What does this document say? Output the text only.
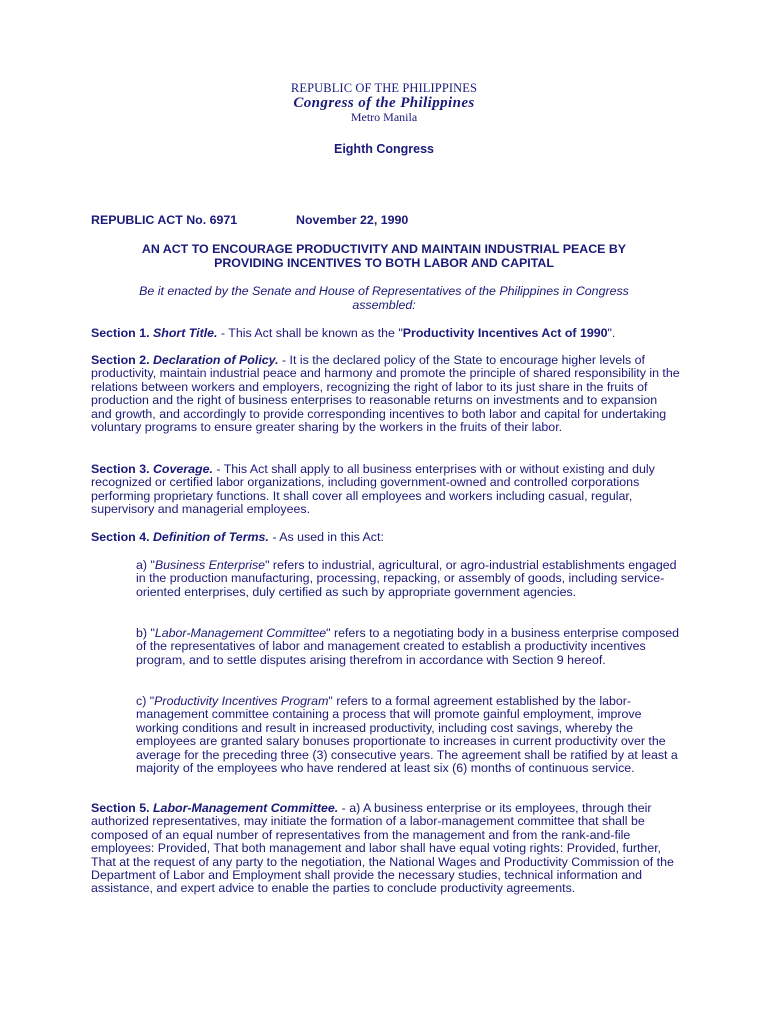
REPUBLIC OF THE PHILIPPINES
Congress of the Philippines
Metro Manila
Eighth Congress
REPUBLIC ACT No. 6971	November 22, 1990
AN ACT TO ENCOURAGE PRODUCTIVITY AND MAINTAIN INDUSTRIAL PEACE BY
PROVIDING INCENTIVES TO BOTH LABOR AND CAPITAL
Be it enacted by the Senate and House of Representatives of the Philippines in Congress
assembled:

Section 1. Short Title. - This Act shall be known as the "Productivity Incentives Act of 1990".

Section 2. Declaration of Policy. - It is the declared policy of the State to encourage higher levels of productivity, maintain industrial peace and harmony and promote the principle of shared responsibility in the relations between workers and employers, recognizing the right of labor to its just share in the fruits of production and the right of business enterprises to reasonable returns on investments and to expansion and growth, and accordingly to provide corresponding incentives to both labor and capital for undertaking voluntary programs to ensure greater sharing by the workers in the fruits of their labor.

Section 3. Coverage. - This Act shall apply to all business enterprises with or without existing and duly recognized or certified labor organizations, including government-owned and controlled corporations performing proprietary functions. It shall cover all employees and workers including casual, regular, supervisory and managerial employees.

Section 4. Definition of Terms. - As used in this Act:

a) "Business Enterprise" refers to industrial, agricultural, or agro-industrial establishments engaged in the production manufacturing, processing, repacking, or assembly of goods, including service-oriented enterprises, duly certified as such by appropriate government agencies.

b) "Labor-Management Committee" refers to a negotiating body in a business enterprise composed of the representatives of labor and management created to establish a productivity incentives program, and to settle disputes arising therefrom in accordance with Section 9 hereof.

c) "Productivity Incentives Program" refers to a formal agreement established by the labor-management committee containing a process that will promote gainful employment, improve working conditions and result in increased productivity, including cost savings, whereby the employees are granted salary bonuses proportionate to increases in current productivity over the average for the preceding three (3) consecutive years. The agreement shall be ratified by at least a majority of the employees who have rendered at least six (6) months of continuous service.

Section 5. Labor-Management Committee. - a) A business enterprise or its employees, through their authorized representatives, may initiate the formation of a labor-management committee that shall be composed of an equal number of representatives from the management and from the rank-and-file employees: Provided, That both management and labor shall have equal voting rights: Provided, further, That at the request of any party to the negotiation, the National Wages and Productivity Commission of the Department of Labor and Employment shall provide the necessary studies, technical information and assistance, and expert advice to enable the parties to conclude productivity agreements.
